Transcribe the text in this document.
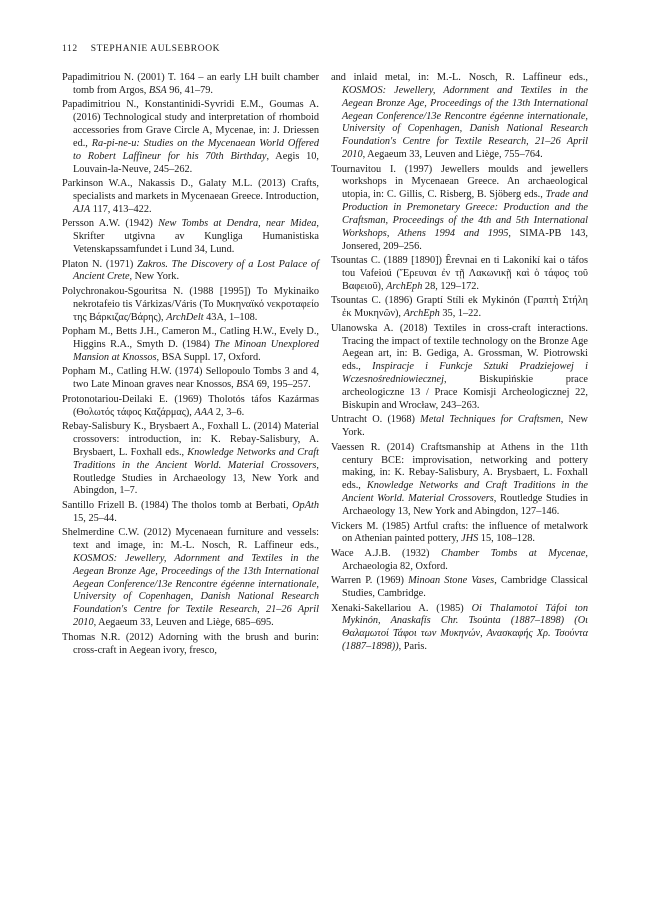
112 STEPHANIE AULSEBROOK

Papadimitriou N. (2001) T. 164 – an early LH built chamber tomb from Argos, BSA 96, 41–79.

Papadimitriou N., Konstantinidi-Syvridi E.M., Goumas A. (2016) Technological study and interpretation of rhomboid accessories from Grave Circle A, Mycenae, in: J. Driessen ed., Ra-pi-ne-u: Studies on the Mycenaean World Offered to Robert Laffineur for his 70th Birthday, Aegis 10, Louvain-la-Neuve, 245–262.

Parkinson W.A., Nakassis D., Galaty M.L. (2013) Crafts, specialists and markets in Mycenaean Greece. Introduction, AJA 117, 413–422.

Persson A.W. (1942) New Tombs at Dendra, near Midea, Skrifter utgivna av Kungliga Humanistiska Vetenskapssamfundet i Lund 34, Lund.

Platon N. (1971) Zakros. The Discovery of a Lost Palace of Ancient Crete, New York.

Polychronakou-Sgouritsa N. (1988 [1995]) To Mykinaiko nekrotafeio tis Várkizas/Váris (Το Μυκηναϊκό νεκροταφείο της Βάρκιζας/Βάρης), ArchDelt 43A, 1–108.

Popham M., Betts J.H., Cameron M., Catling H.W., Evely D., Higgins R.A., Smyth D. (1984) The Minoan Unexplored Mansion at Knossos, BSA Suppl. 17, Oxford.

Popham M., Catling H.W. (1974) Sellopoulo Tombs 3 and 4, two Late Minoan graves near Knossos, BSA 69, 195–257.

Protonotariou-Deilaki E. (1969) Tholotós táfos Kazármas (Θολωτός τάφος Καζάρμας), AAA 2, 3–6.

Rebay-Salisbury K., Brysbaert A., Foxhall L. (2014) Material crossovers: introduction, in: K. Rebay-Salisbury, A. Brysbaert, L. Foxhall eds., Knowledge Networks and Craft Traditions in the Ancient World. Material Crossovers, Routledge Studies in Archaeology 13, New York and Abingdon, 1–7.

Santillo Frizell B. (1984) The tholos tomb at Berbati, OpAth 15, 25–44.

Shelmerdine C.W. (2012) Mycenaean furniture and vessels: text and image, in: M.-L. Nosch, R. Laffineur eds., KOSMOS: Jewellery, Adornment and Textiles in the Aegean Bronze Age, Proceedings of the 13th International Aegean Conference/13e Rencontre égéenne internationale, University of Copenhagen, Danish National Research Foundation's Centre for Textile Research, 21–26 April 2010, Aegaeum 33, Leuven and Liège, 685–695.

Thomas N.R. (2012) Adorning with the brush and burin: cross-craft in Aegean ivory, fresco,

and inlaid metal, in: M.-L. Nosch, R. Laffineur eds., KOSMOS: Jewellery, Adornment and Textiles in the Aegean Bronze Age, Proceedings of the 13th International Aegean Conference/13e Rencontre égéenne internationale, University of Copenhagen, Danish National Research Foundation's Centre for Textile Research, 21–26 April 2010, Aegaeum 33, Leuven and Liège, 755–764.

Tournavitou I. (1997) Jewellers moulds and jewellers workshops in Mycenaean Greece. An archaeological utopia, in: C. Gillis, C. Risberg, B. Sjöberg eds., Trade and Production in Premonetary Greece: Production and the Craftsman, Proceedings of the 4th and 5th International Workshops, Athens 1994 and 1995, SIMA-PB 143, Jonsered, 209–256.

Tsountas C. (1889 [1890]) Êrevnai en ti Lakonikí kai o táfos tou Vafeioú (Ἔρευναι ἐν τῇ Λακωνικῇ καὶ ὁ τάφος τοῦ Βαφειοῦ), ArchEph 28, 129–172.

Tsountas C. (1896) Graptí Stíli ek Mykinón (Γραπτὴ Στήλη ἐκ Μυκηνῶν), ArchEph 35, 1–22.

Ulanowska A. (2018) Textiles in cross-craft interactions. Tracing the impact of textile technology on the Bronze Age Aegean art, in: B. Gediga, A. Grossman, W. Piotrowski eds., Inspiracje i Funkcje Sztuki Pradziejowej i Wczesnośredniowiecznej, Biskupińskie prace archeologiczne 13 / Prace Komisji Archeologicznej 22, Biskupin and Wrocław, 243–263.

Untracht O. (1968) Metal Techniques for Craftsmen, New York.

Vaessen R. (2014) Craftsmanship at Athens in the 11th century BCE: improvisation, networking and pottery making, in: K. Rebay-Salisbury, A. Brysbaert, L. Foxhall eds., Knowledge Networks and Craft Traditions in the Ancient World. Material Crossovers, Routledge Studies in Archaeology 13, New York and Abingdon, 127–146.

Vickers M. (1985) Artful crafts: the influence of metalwork on Athenian painted pottery, JHS 15, 108–128.

Wace A.J.B. (1932) Chamber Tombs at Mycenae, Archaeologia 82, Oxford.

Warren P. (1969) Minoan Stone Vases, Cambridge Classical Studies, Cambridge.

Xenaki-Sakellariou A. (1985) Oi Thalamotoí Táfoi ton Mykinón, Anaskafís Chr. Tsoúnta (1887–1898) (Οι Θαλαμωτοί Τάφοι των Μυκηνών, Ανασκαφής Χρ. Τσούντα (1887–1898)), Paris.
